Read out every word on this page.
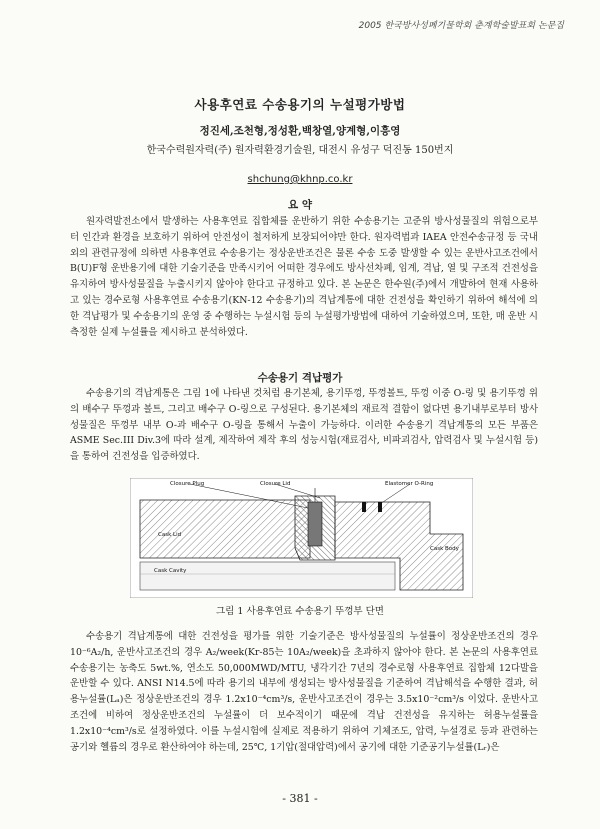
2005 한국방사성폐기물학회 춘계학술발표회 논문집
사용후연료 수송용기의 누설평가방법
정진세,조천형,정성환,백창열,양계형,이흥영
한국수력원자력(주) 원자력환경기술원, 대전시 유성구 덕진동 150번지
shchung@khnp.co.kr
요 약

원자력발전소에서 발생하는 사용후연료 집합체를 운반하기 위한 수송용기는 고준위 방사성물질의 위험으로부터 인간과 환경을 보호하기 위하여 안전성이 철저하게 보장되어야만 한다. 원자력법과 IAEA 안전수송규정 등 국내외의 관련규정에 의하면 사용후연료 수송용기는 정상운반조건은 물론 수송 도중 발생할 수 있는 운반사고조건에서 B(U)F형 운반용기에 대한 기술기준을 만족시키어 어떠한 경우에도 방사선차폐, 임계, 격납, 열 및 구조적 건전성을 유지하여 방사성물질을 누출시키지 않아야 한다고 규정하고 있다. 본 논문은 한수원(주)에서 개발하여 현재 사용하고 있는 경수로형 사용후연료 수송용기(KN-12 수송용기)의 격납계통에 대한 건전성을 확인하기 위하여 해석에 의한 격납평가 및 수송용기의 운영 중 수행하는 누설시험 등의 누설평가방법에 대하여 기술하였으며, 또한, 매 운반 시 측정한 실제 누설률을 제시하고 분석하였다.

수송용기 격납평가

수송용기의 격납계통은 그림 1에 나타낸 것처럼 용기본체, 용기뚜껑, 뚜껑볼트, 뚜껑 이중 O-링 및 용기뚜껑 위의 배수구 뚜껑과 볼트, 그리고 배수구 O-링으로 구성된다. 용기본체의 재료적 결함이 없다면 용기내부로부터 방사성물질은 뚜껑부 내부 O-과 배수구 O-링을 통해서 누출이 가능하다. 이러한 수송용기 격납계통의 모든 부품은 ASME Sec.III Div.3에 따라 설계, 제작하여 제작 후의 성능시험(재료검사, 비파괴검사, 압력검사 및 누설시험 등)을 통하여 건전성을 입증하였다.

Closure Plug	Closure Lid	Elastomer O-Ring
Cask Lid
Cask Body
Cask Cavity
그림 1 사용후연료 수송용기 뚜껑부 단면

수송용기 격납계통에 대한 건전성을 평가를 위한 기술기준은 방사성물질의 누설률이 정상운반조건의 경우 10⁻⁶A₂/h, 운반사고조건의 경우 A₂/week(Kr-85는 10A₂/week)을 초과하지 않아야 한다. 본 논문의 사용후연료 수송용기는 농축도 5wt.%, 연소도 50,000MWD/MTU, 냉각기간 7년의 경수로형 사용후연료 집합체 12다발을 운반할 수 있다. ANSI N14.5에 따라 용기의 내부에 생성되는 방사성물질을 기준하여 격납해석을 수행한 결과, 허용누설률(Lₐ)은 정상운반조건의 경우 1.2x10⁻⁴cm³/s, 운반사고조건이 경우는 3.5x10⁻²cm³/s 이었다. 운반사고조건에 비하여 정상운반조건의 누설률이 더 보수적이기 때문에 격납 건전성을 유지하는 허용누설률을 1.2x10⁻⁴cm³/s로 설정하였다. 이를 누설시험에 실제로 적용하기 위하여 기체조도, 압력, 누설경로 등과 관련하는 공기와 헬륨의 경우로 환산하여야 하는데, 25℃, 1기압(절대압력)에서 공기에 대한 기준공기누설률(Lᵣ)은

- 381 -
